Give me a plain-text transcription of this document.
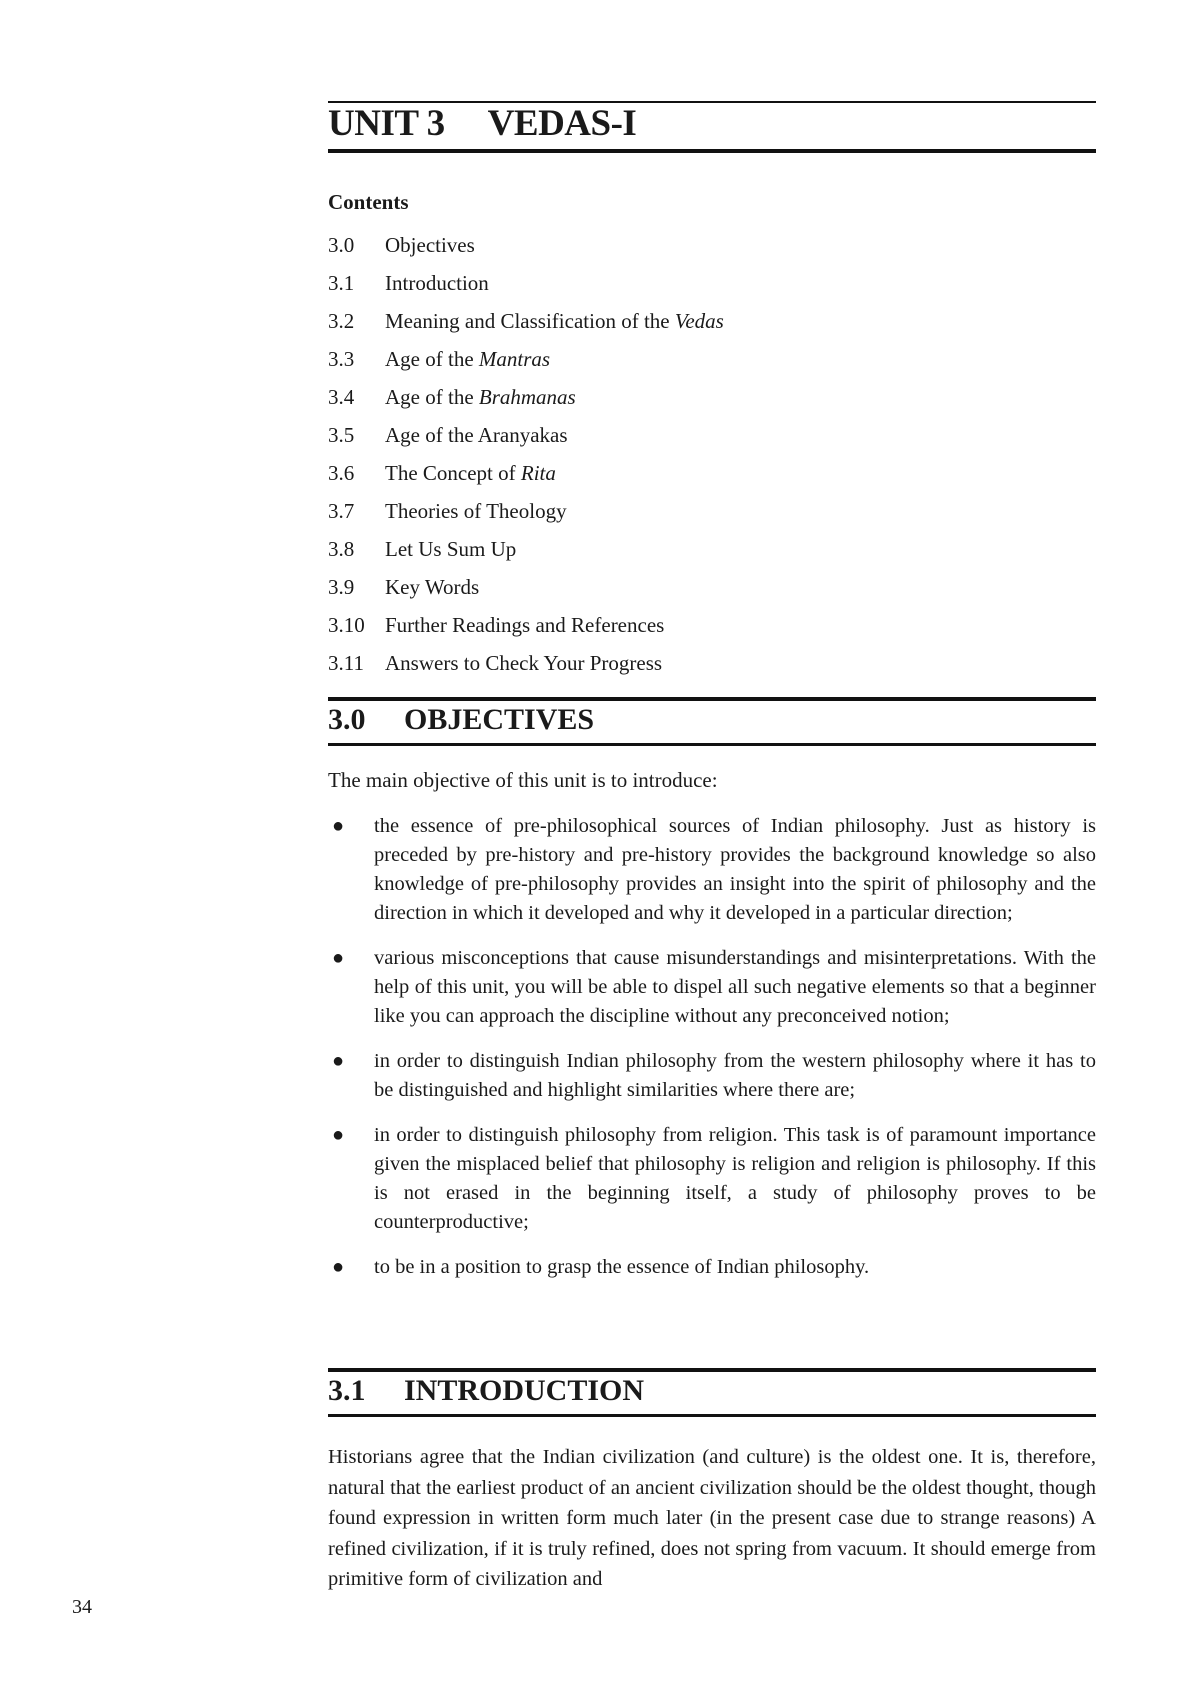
UNIT 3     VEDAS-I
Contents
3.0 Objectives
3.1 Introduction
3.2 Meaning and Classification of the Vedas
3.3 Age of the Mantras
3.4 Age of the Brahmanas
3.5 Age of the Aranyakas
3.6 The Concept of Rita
3.7 Theories of Theology
3.8 Let Us Sum Up
3.9 Key Words
3.10 Further Readings and References
3.11 Answers to Check Your Progress
3.0 OBJECTIVES
The main objective of this unit is to introduce:
● the essence of pre-philosophical sources of Indian philosophy. Just as history is preceded by pre-history and pre-history provides the background knowledge so also knowledge of pre-philosophy provides an insight into the spirit of philosophy and the direction in which it developed and why it developed in a particular direction;
● various misconceptions that cause misunderstandings and misinterpretations. With the help of this unit, you will be able to dispel all such negative elements so that a beginner like you can approach the discipline without any preconceived notion;
● in order to distinguish Indian philosophy from the western philosophy where it has to be distinguished and highlight similarities where there are;
● in order to distinguish philosophy from religion. This task is of paramount importance given the misplaced belief that philosophy is religion and religion is philosophy. If this is not erased in the beginning itself, a study of philosophy proves to be counterproductive;
● to be in a position to grasp the essence of Indian philosophy.
3.1 INTRODUCTION

Historians agree that the Indian civilization (and culture) is the oldest one. It is, therefore, natural that the earliest product of an ancient civilization should be the oldest thought, though found expression in written form much later (in the present case due to strange reasons) A refined civilization, if it is truly refined, does not spring from vacuum. It should emerge from primitive form of civilization and

34
